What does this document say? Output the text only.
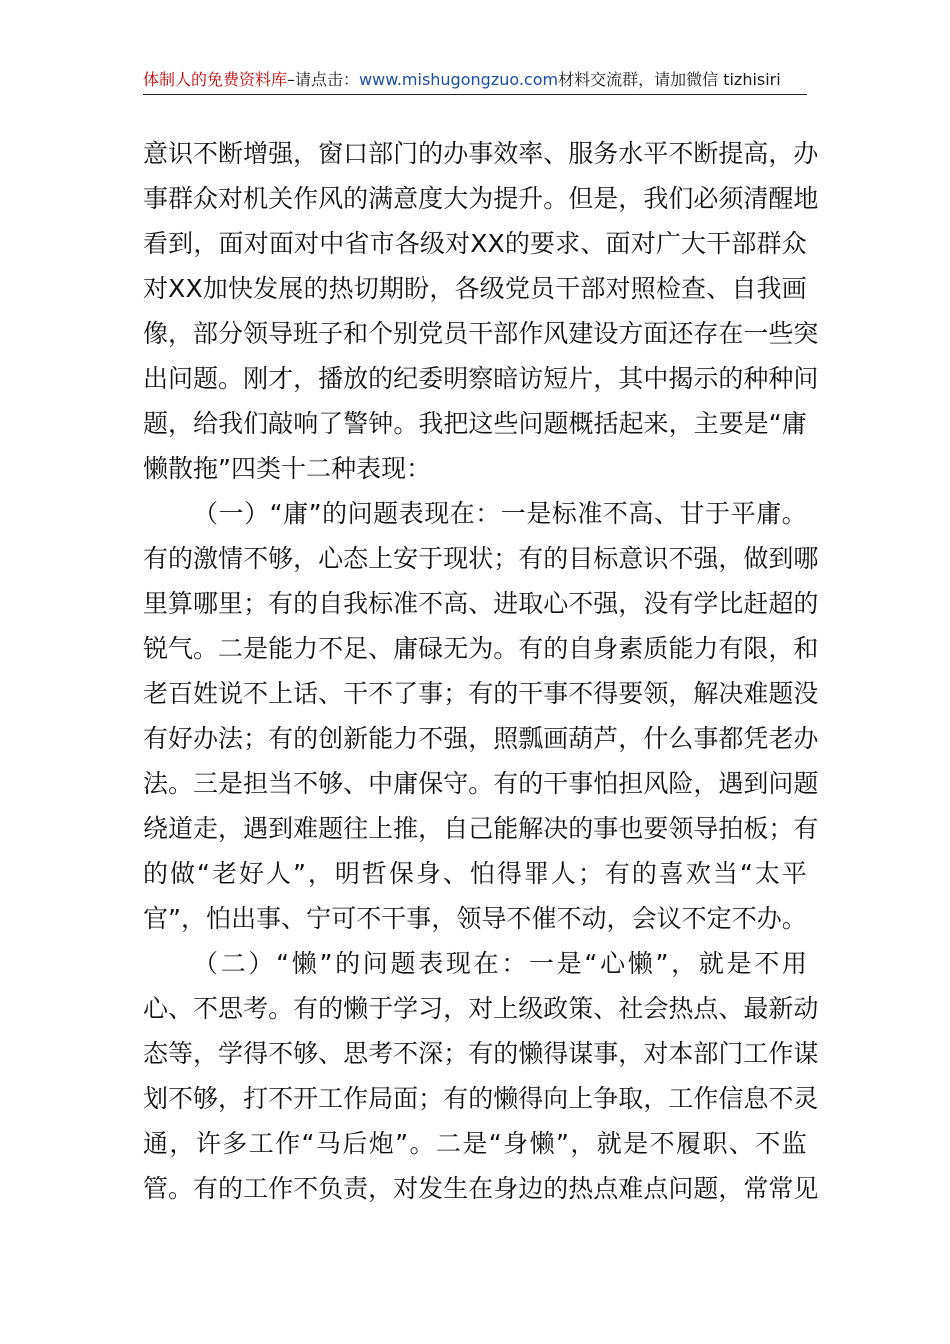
体制人的免费资料库–请点击：www.mishugongzuo.com材料交流群，请加微信 tizhisiri
意 识 不 断 增 强 ， 窗 口 部 门 的 办 事 效 率 、 服 务 水 平 不 断 提 高 ， 办
事 群 众 对 机 关 作 风 的 满 意 度 大 为 提 升 。 但 是 ， 我 们 必 须 清 醒 地
看 到 ， 面 对 面 对 中 省 市 各 级 对 X X 的 要 求 、 面 对 广 大 干 部 群 众
对 X X 加 快 发 展 的 热 切 期 盼 ， 各 级 党 员 干 部 对 照 检 查 、 自 我 画
像 ， 部 分 领 导 班 子 和 个 别 党 员 干 部 作 风 建 设 方 面 还 存 在 一 些 突
出 问 题 。 刚 才 ， 播 放 的 纪 委 明 察 暗 访 短 片 ， 其 中 揭 示 的 种 种 问
题 ， 给 我 们 敲 响 了 警 钟 。 我 把 这 些 问 题 概 括 起 来 ， 主 要 是 “ 庸
懒 散 拖 ” 四 类 十 二 种 表 现 ：
（ 一 ） “ 庸 ” 的 问 题 表 现 在 ： 一 是 标 准 不 高 、 甘 于 平 庸 。
有 的 激 情 不 够 ， 心 态 上 安 于 现 状 ； 有 的 目 标 意 识 不 强 ， 做 到 哪
里 算 哪 里 ； 有 的 自 我 标 准 不 高 、 进 取 心 不 强 ， 没 有 学 比 赶 超 的
锐 气 。 二 是 能 力 不 足 、 庸 碌 无 为 。 有 的 自 身 素 质 能 力 有 限 ， 和
老 百 姓 说 不 上 话 、 干 不 了 事 ； 有 的 干 事 不 得 要 领 ， 解 决 难 题 没
有 好 办 法 ； 有 的 创 新 能 力 不 强 ， 照 瓢 画 葫 芦 ， 什 么 事 都 凭 老 办
法 。 三 是 担 当 不 够 、 中 庸 保 守 。 有 的 干 事 怕 担 风 险 ， 遇 到 问 题
绕 道 走 ， 遇 到 难 题 往 上 推 ， 自 己 能 解 决 的 事 也 要 领 导 拍 板 ； 有
的 做 “ 老 好 人 ” ， 明 哲 保 身 、 怕 得 罪 人 ； 有 的 喜 欢 当 “ 太 平
官 ” ， 怕 出 事 、 宁 可 不 干 事 ， 领 导 不 催 不 动 ， 会 议 不 定 不 办 。
（ 二 ） “ 懒 ” 的 问 题 表 现 在 ： 一 是 “ 心 懒 ” ， 就 是 不 用
心 、 不 思 考 。 有 的 懒 于 学 习 ， 对 上 级 政 策 、 社 会 热 点 、 最 新 动
态 等 ， 学 得 不 够 、 思 考 不 深 ； 有 的 懒 得 谋 事 ， 对 本 部 门 工 作 谋
划 不 够 ， 打 不 开 工 作 局 面 ； 有 的 懒 得 向 上 争 取 ， 工 作 信 息 不 灵
通 ， 许 多 工 作 “ 马 后 炮 ” 。 二 是 “ 身 懒 ” ， 就 是 不 履 职 、 不 监
管 。 有 的 工 作 不 负 责 ， 对 发 生 在 身 边 的 热 点 难 点 问 题 ， 常 常 见
